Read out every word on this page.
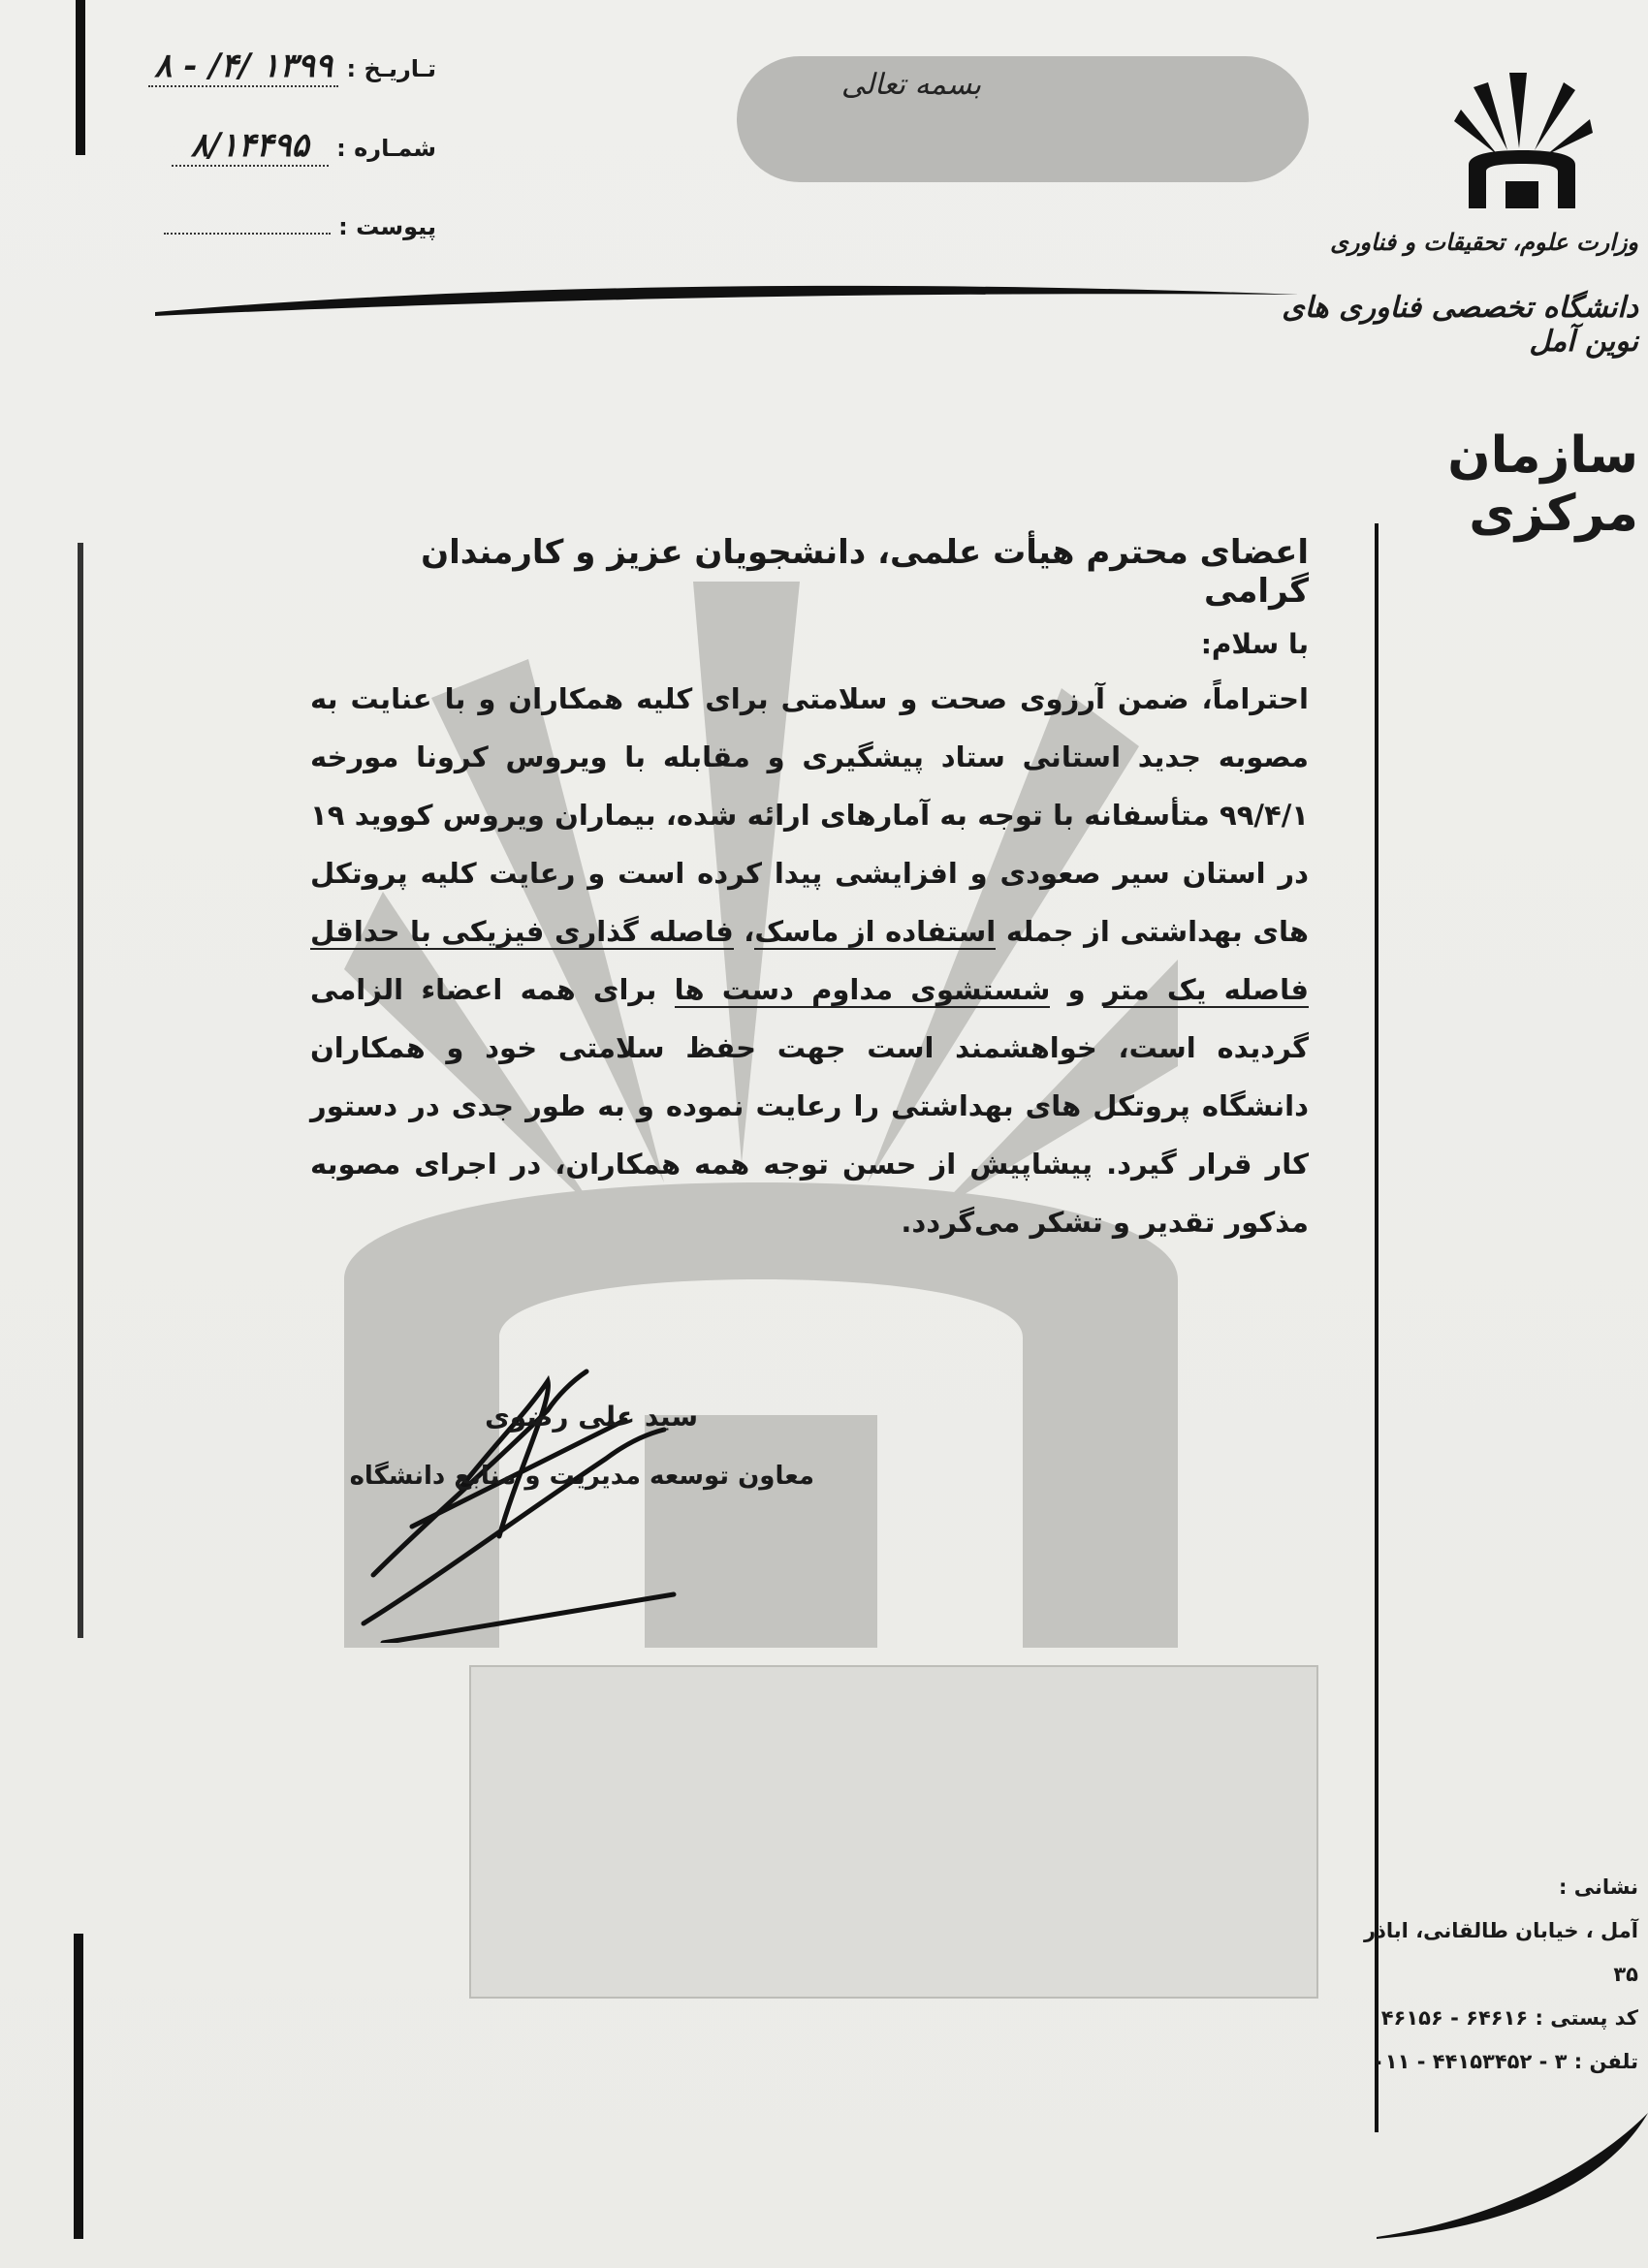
بسمه تعالی
تـاریـخ : ۱۳۹۹ /۴/ - ۸
شمـاره : ۸/۱۴۴۹۵
پیوست :
وزارت علوم، تحقیقات و فناوری
دانشگاه تخصصی فناوری های نوین آمل
سازمان مرکزی
اعضای محترم هیأت علمی، دانشجویان عزیز و کارمندان گرامی
با سلام:
احتراماً، ضمن آرزوی صحت و سلامتی برای کلیه همکاران و با عنایت به مصوبه جدید استانی ستاد پیشگیری و مقابله با ویروس کرونا مورخه ۹۹/۴/۱ متأسفانه با توجه به آمارهای ارائه شده، بیماران ویروس کووید ۱۹ در استان سیر صعودی و افزایشی پیدا کرده است و رعایت کلیه پروتکل های بهداشتی از جمله استفاده از ماسک، فاصله گذاری فیزیکی با حداقل فاصله یک متر و شستشوی مداوم دست ها برای همه اعضاء الزامی گردیده است، خواهشمند است جهت حفظ سلامتی خود و همکاران دانشگاه پروتکل های بهداشتی را رعایت نموده و به طور جدی در دستور کار قرار گیرد. پیشاپیش از حسن توجه همه همکاران، در اجرای مصوبه مذکور تقدیر و تشکر می‌گردد.
سید علی رضوی
معاون توسعه مدیریت و منابع دانشگاه
نشانی :
آمل ، خیابان طالقانی، اباذر ۳۵
کد پستی : ۶۴۶۱۶ - ۴۶۱۵۶
تلفن : ۳ - ۴۴۱۵۳۴۵۲ - ۰۱۱
